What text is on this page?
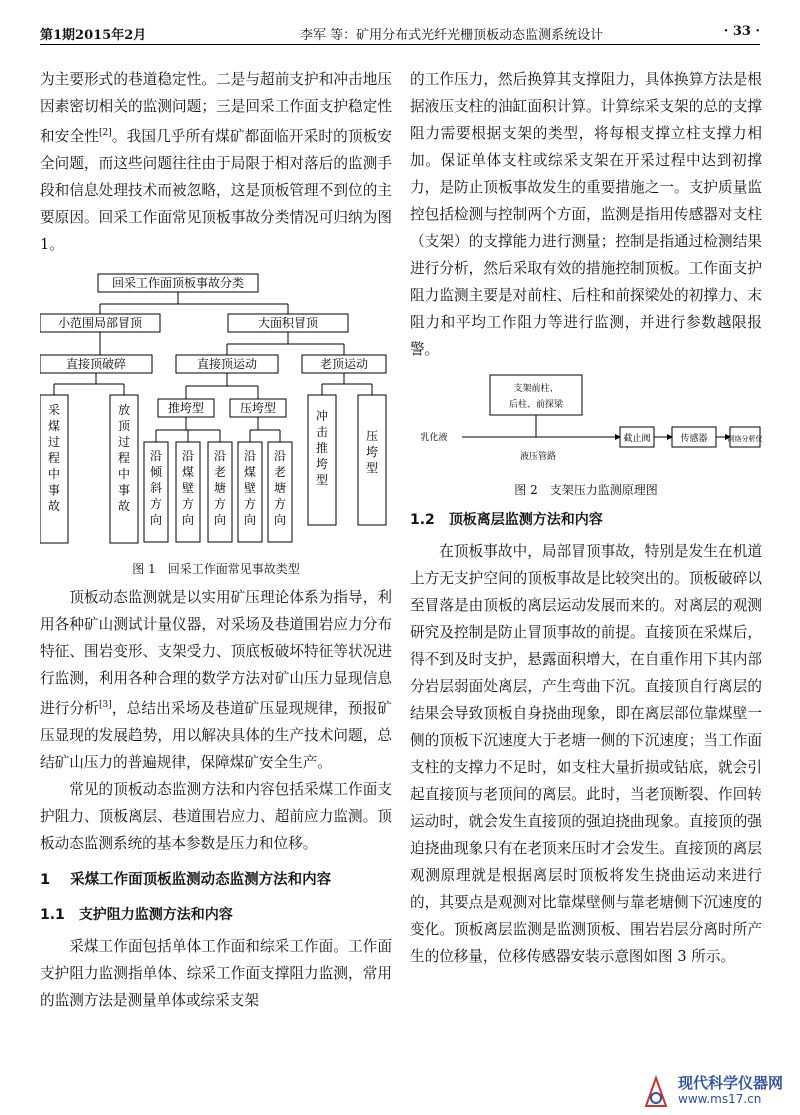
第1期2015年2月	李军 等：矿用分布式光纤光栅顶板动态监测系统设计	· 33 ·

为主要形式的巷道稳定性。二是与超前支护和冲击地压因素密切相关的监测问题；三是回采工作面支护稳定性和安全性[2]。我国几乎所有煤矿都面临开采时的顶板安全问题，而这些问题往往由于局限于相对落后的监测手段和信息处理技术而被忽略，这是顶板管理不到位的主要原因。回采工作面常见顶板事故分类情况可归纳为图 1。

回采工作面顶板事故分类
小范围局部冒顶	大面积冒顶
直接顶破碎	直接顶运动	老顶运动
推垮型	压垮型
采煤过程中事故
放顶过程中事故
沿倾斜方向
沿煤壁方向
沿老塘方向
沿煤壁方向
沿老塘方向
冲击推垮型
压垮型
图 1　回采工作面常见事故类型

顶板动态监测就是以实用矿压理论体系为指导，利用各种矿山测试计量仪器，对采场及巷道围岩应力分布特征、围岩变形、支架受力、顶底板破坏特征等状况进行监测，利用各种合理的数学方法对矿山压力显现信息进行分析[3]，总结出采场及巷道矿压显现规律，预报矿压显现的发展趋势，用以解决具体的生产技术问题，总结矿山压力的普遍规律，保障煤矿安全生产。

常见的顶板动态监测方法和内容包括采煤工作面支护阻力、顶板离层、巷道围岩应力、超前应力监测。顶板动态监测系统的基本参数是压力和位移。

1 采煤工作面顶板监测动态监测方法和内容
1.1 支护阻力监测方法和内容

采煤工作面包括单体工作面和综采工作面。工作面支护阻力监测指单体、综采工作面支撑阻力监测，常用的监测方法是测量单体或综采支架

的工作压力，然后换算其支撑阻力，具体换算方法是根据液压支柱的油缸面积计算。计算综采支架的总的支撑阻力需要根据支架的类型，将每根支撑立柱支撑力相加。保证单体支柱或综采支架在开采过程中达到初撑力，是防止顶板事故发生的重要措施之一。支护质量监控包括检测与控制两个方面，监测是指用传感器对支柱（支架）的支撑能力进行测量；控制是指通过检测结果进行分析，然后采取有效的措施控制顶板。工作面支护阻力监测主要是对前柱、后柱和前探梁处的初撑力、末阻力和平均工作阻力等进行监测，并进行参数越限报警。

支架前柱、
后柱、前探梁
乳化液
液压管路
截止阀	传感器	网络分析仪
图 2　支架压力监测原理图
1.2 顶板离层监测方法和内容

在顶板事故中，局部冒顶事故，特别是发生在机道上方无支护空间的顶板事故是比较突出的。顶板破碎以至冒落是由顶板的离层运动发展而来的。对离层的观测研究及控制是防止冒顶事故的前提。直接顶在采煤后，得不到及时支护，悬露面积增大，在自重作用下其内部分岩层弱面处离层，产生弯曲下沉。直接顶自行离层的结果会导致顶板自身挠曲现象，即在离层部位靠煤壁一侧的顶板下沉速度大于老塘一侧的下沉速度；当工作面支柱的支撑力不足时，如支柱大量折损或钻底，就会引起直接顶与老顶间的离层。此时，当老顶断裂、作回转运动时，就会发生直接顶的强迫挠曲现象。直接顶的强迫挠曲现象只有在老顶来压时才会发生。直接顶的离层观测原理就是根据离层时顶板将发生挠曲运动来进行的，其要点是观测对比靠煤壁侧与靠老塘侧下沉速度的变化。顶板离层监测是监测顶板、围岩岩层分离时所产生的位移量，位移传感器安装示意图如图 3 所示。

现代科学仪器网
www.ms17.cn
